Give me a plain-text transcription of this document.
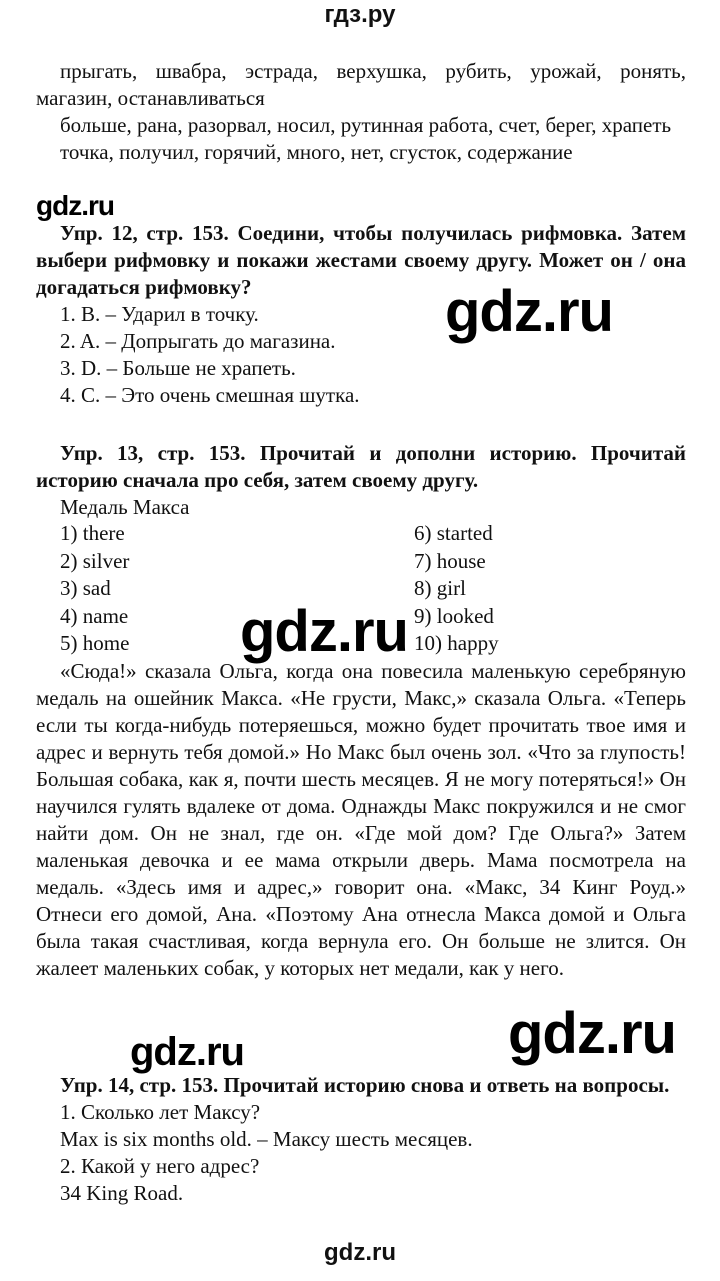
гдз.ру

прыгать, швабра, эстрада, верхушка, рубить, урожай, ронять, магазин, останавливаться

больше, рана, разорвал, носил, рутинная работа, счет, берег, храпеть

точка, получил, горячий, много, нет, сгусток, содержание

gdz.ru

Упр. 12, стр. 153. Соедини, чтобы получилась рифмовка. Затем выбери рифмовку и покажи жестами своему другу. Может он / она догадаться рифмовку?

1. B. – Ударил в точку.

2. A. – Допрыгать до магазина.

3. D. – Больше не храпеть.

4. C. – Это очень смешная шутка.

gdz.ru

Упр. 13, стр. 153. Прочитай и дополни историю. Прочитай историю сначала про себя, затем своему другу.

Медаль Макса

1) there	6) started
2) silver	7) house
3) sad	8) girl
4) name	9) looked
5) home	10) happy
gdz.ru

«Сюда!» сказала Ольга, когда она повесила маленькую серебряную медаль на ошейник Макса. «Не грусти, Макс,» сказала Ольга. «Теперь если ты когда-нибудь потеряешься, можно будет прочитать твое имя и адрес и вернуть тебя домой.» Но Макс был очень зол. «Что за глупость! Большая собака, как я, почти шесть месяцев. Я не могу потеряться!» Он научился гулять вдалеке от дома. Однажды Макс покружился и не смог найти дом. Он не знал, где он. «Где мой дом? Где Ольга?» Затем маленькая девочка и ее мама открыли дверь. Мама посмотрела на медаль. «Здесь имя и адрес,» говорит она. «Макс, 34 Кинг Роуд.» Отнеси его домой, Ана. «Поэтому Ана отнесла Макса домой и Ольга была такая счастливая, когда вернула его. Он больше не злится. Он жалеет маленьких собак, у которых нет медали, как у него.

gdz.ru
gdz.ru

Упр. 14, стр. 153. Прочитай историю снова и ответь на вопросы.

1. Сколько лет Максу?

Max is six months old. – Максу шесть месяцев.

2. Какой у него адрес?

34 King Road.

gdz.ru
